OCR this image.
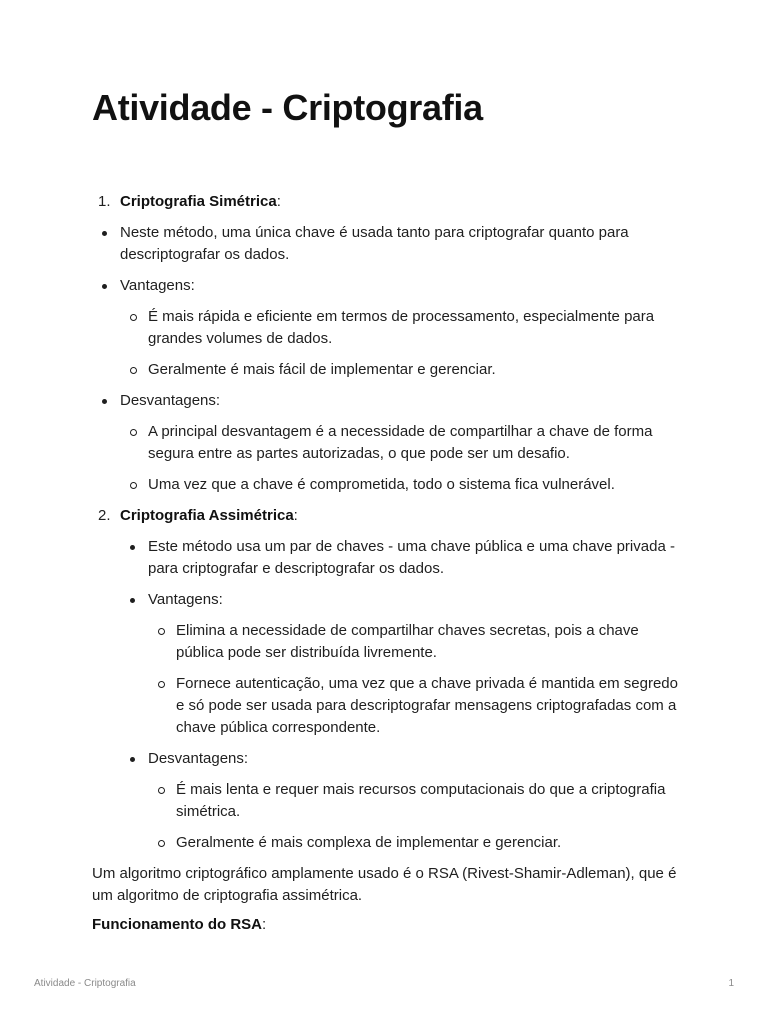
Atividade - Criptografia
1. Criptografia Simétrica:
Neste método, uma única chave é usada tanto para criptografar quanto para descriptografar os dados.
Vantagens:
É mais rápida e eficiente em termos de processamento, especialmente para grandes volumes de dados.
Geralmente é mais fácil de implementar e gerenciar.
Desvantagens:
A principal desvantagem é a necessidade de compartilhar a chave de forma segura entre as partes autorizadas, o que pode ser um desafio.
Uma vez que a chave é comprometida, todo o sistema fica vulnerável.
2. Criptografia Assimétrica:
Este método usa um par de chaves - uma chave pública e uma chave privada - para criptografar e descriptografar os dados.
Vantagens:
Elimina a necessidade de compartilhar chaves secretas, pois a chave pública pode ser distribuída livremente.
Fornece autenticação, uma vez que a chave privada é mantida em segredo e só pode ser usada para descriptografar mensagens criptografadas com a chave pública correspondente.
Desvantagens:
É mais lenta e requer mais recursos computacionais do que a criptografia simétrica.
Geralmente é mais complexa de implementar e gerenciar.
Um algoritmo criptográfico amplamente usado é o RSA (Rivest-Shamir-Adleman), que é um algoritmo de criptografia assimétrica.
Funcionamento do RSA:
Atividade - Criptografia	1
